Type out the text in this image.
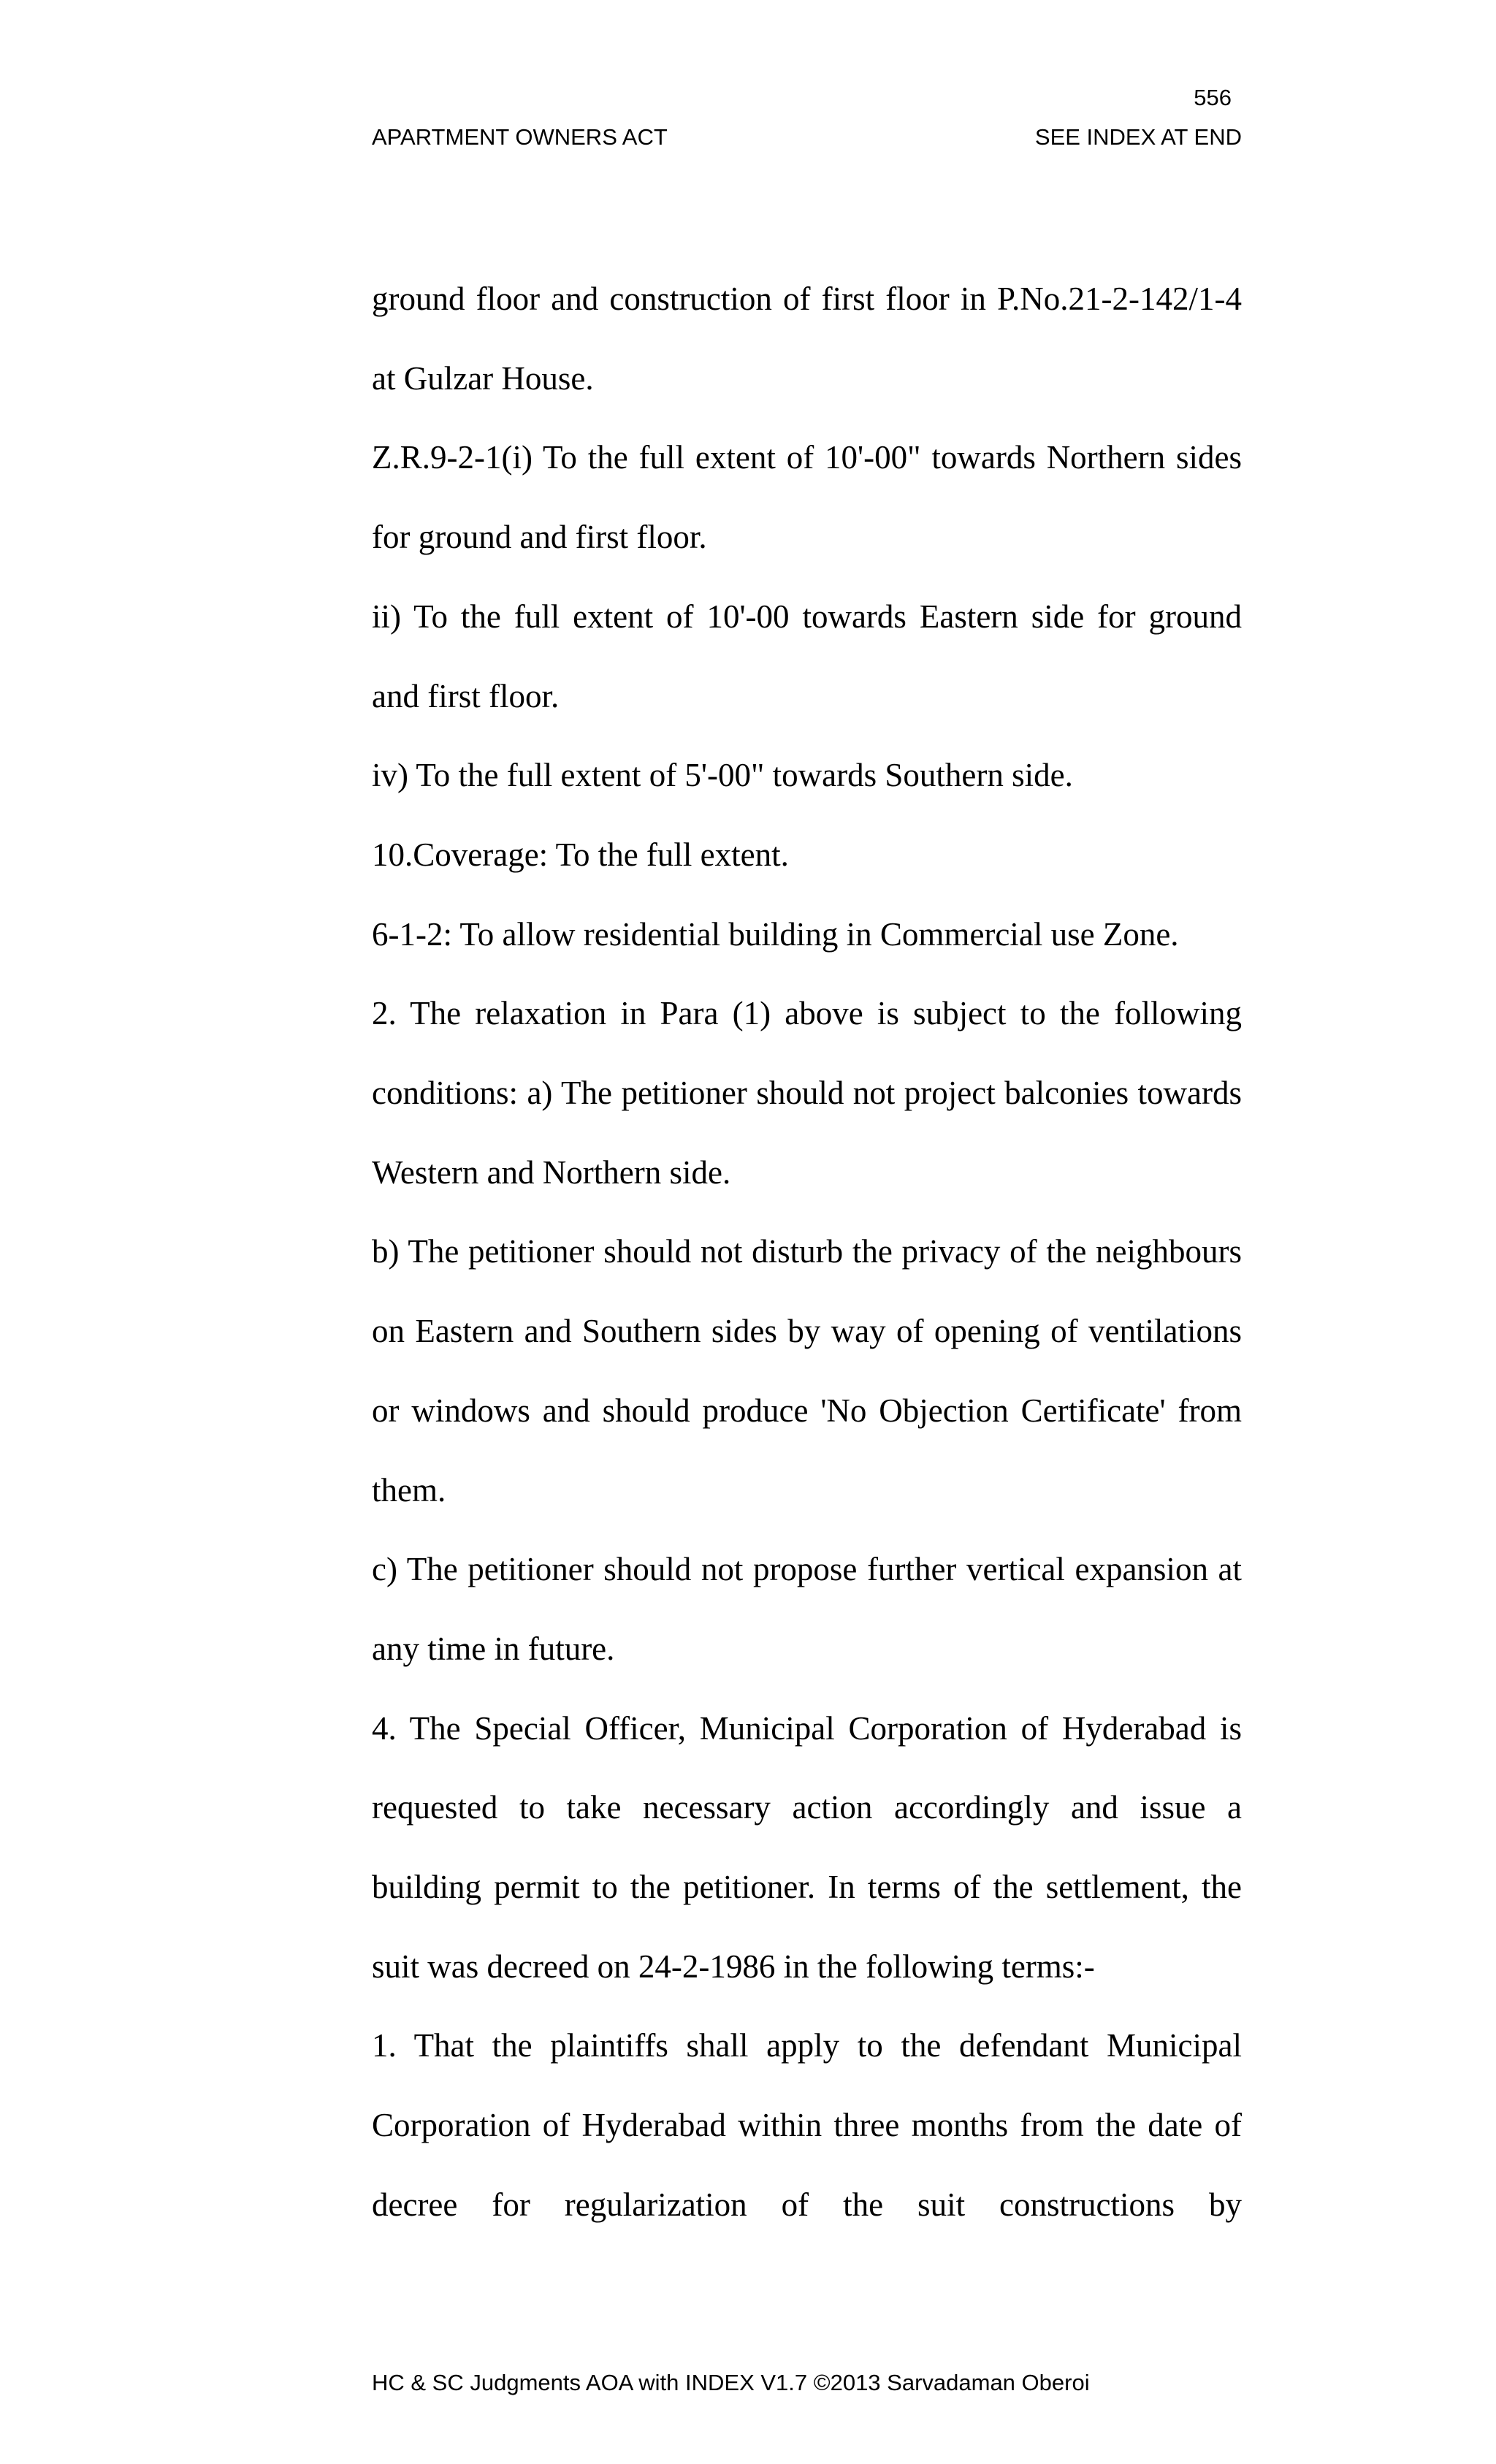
556
APARTMENT OWNERS ACT	SEE INDEX AT END

ground floor and construction of first floor in P.No.21-2-142/1-4 at Gulzar House.

Z.R.9-2-1(i) To the full extent of 10'-00" towards Northern sides for ground and first floor.

ii) To the full extent of 10'-00 towards Eastern side for ground and first floor.

iv) To the full extent of 5'-00" towards Southern side.

10.Coverage: To the full extent.

6-1-2: To allow residential building in Commercial use Zone.

2. The relaxation in Para (1) above is subject to the following conditions: a) The petitioner should not project balconies towards Western and Northern side.

b) The petitioner should not disturb the privacy of the neighbours on Eastern and Southern sides by way of opening of ventilations or windows and should produce 'No Objection Certificate' from them.

c) The petitioner should not propose further vertical expansion at any time in future.

4. The Special Officer, Municipal Corporation of Hyderabad is requested to take necessary action accordingly and issue a building permit to the petitioner. In terms of the settlement, the suit was decreed on 24-2-1986 in the following terms:-

1. That the plaintiffs shall apply to the defendant Municipal Corporation of Hyderabad within three months from the date of decree for regularization of the suit constructions by

HC & SC Judgments AOA with INDEX V1.7 ©2013 Sarvadaman Oberoi
